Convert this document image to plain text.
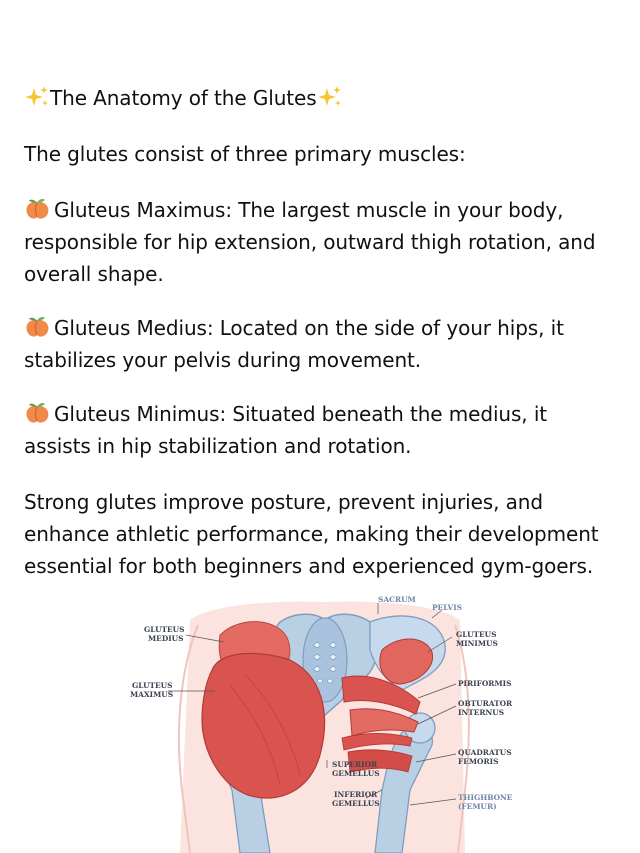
The Anatomy of the Glutes
The glutes consist of three primary muscles:
Gluteus Maximus: The largest muscle in your body,
responsible for hip extension, outward thigh rotation, and
overall shape.
Gluteus Medius: Located on the side of your hips, it
stabilizes your pelvis during movement.
Gluteus Minimus: Situated beneath the medius, it
assists in hip stabilization and rotation.
Strong glutes improve posture, prevent injuries, and
enhance athletic performance, making their development
essential for both beginners and experienced gym-goers.
SACRUM
PELVIS
GLUTEUS
MEDIUS
GLUTEUS
MAXIMUS
GLUTEUS
MINIMUS
PIRIFORMIS
OBTURATOR
INTERNUS
QUADRATUS
FEMORIS
SUPERIOR
GEMELLUS
INFERIOR
GEMELLUS
THIGHBONE
(FEMUR)
